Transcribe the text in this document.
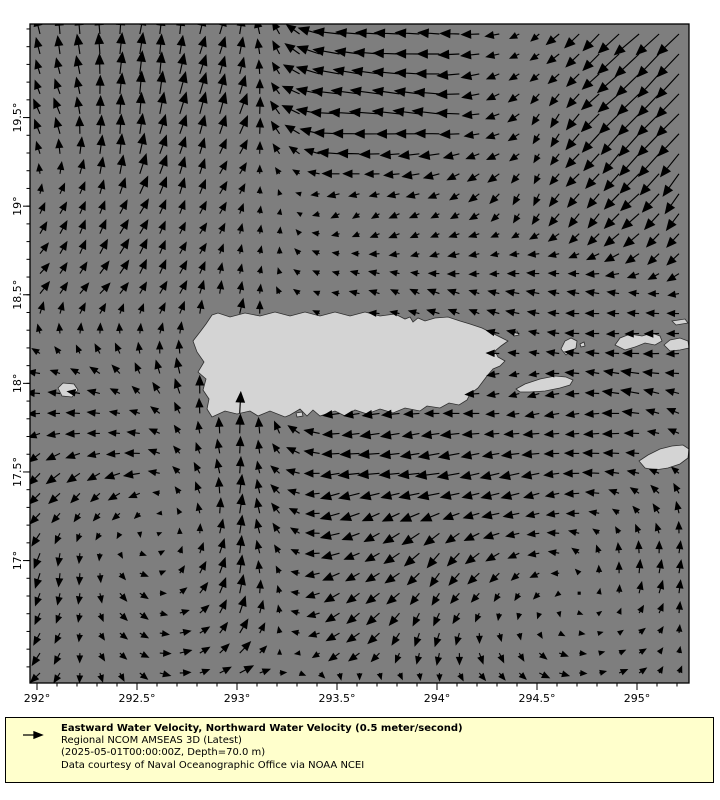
292°	292.5°	293°	293.5°	294°	294.5°	295°
17°
17.5°
18°
18.5°
19°
19.5°
Eastward Water Velocity, Northward Water Velocity (0.5 meter/second)
Regional NCOM AMSEAS 3D (Latest)
(2025-05-01T00:00:00Z, Depth=70.0 m)
Data courtesy of Naval Oceanographic Office via NOAA NCEI
